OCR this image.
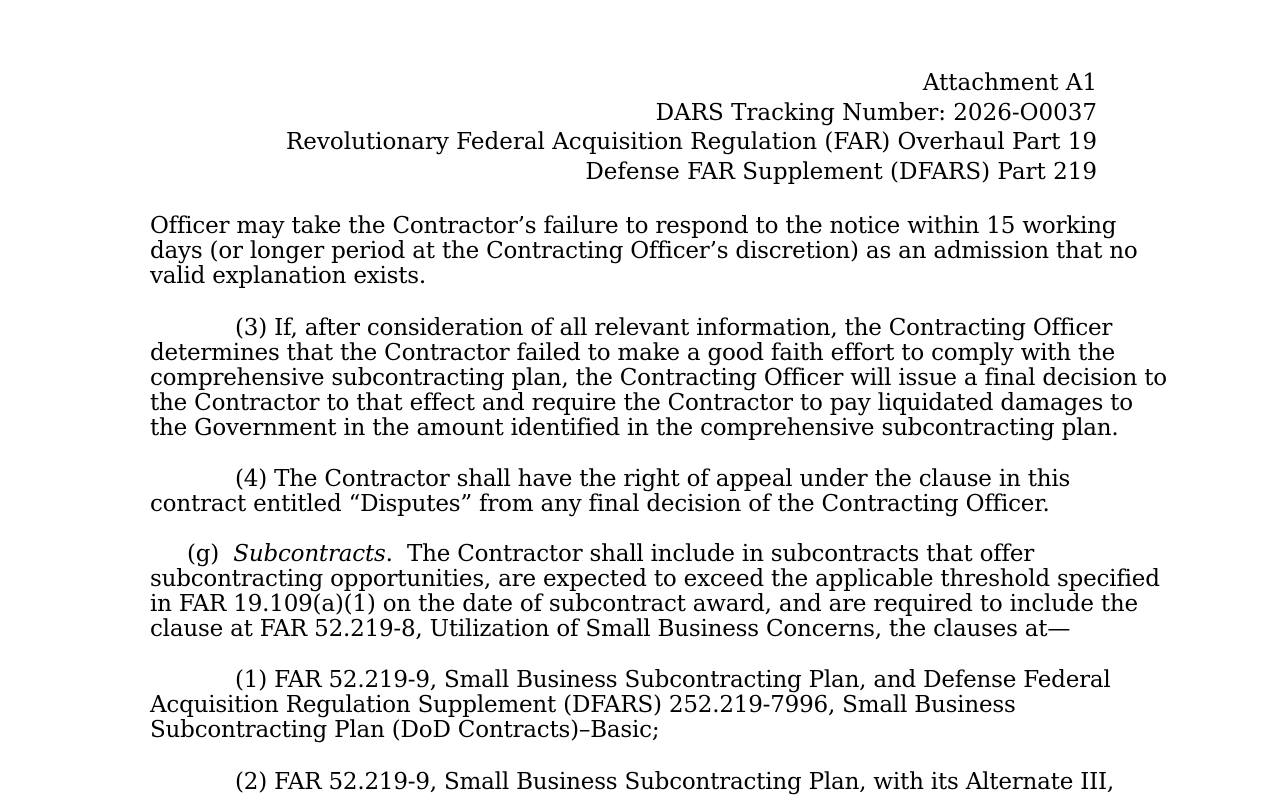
Attachment A1
DARS Tracking Number: 2026-O0037
Revolutionary Federal Acquisition Regulation (FAR) Overhaul Part 19
Defense FAR Supplement (DFARS) Part 219
Officer may take the Contractor’s failure to respond to the notice within 15 working
days (or longer period at the Contracting Officer’s discretion) as an admission that no
valid explanation exists.
(3) If, after consideration of all relevant information, the Contracting Officer
determines that the Contractor failed to make a good faith effort to comply with the
comprehensive subcontracting plan, the Contracting Officer will issue a final decision to
the Contractor to that effect and require the Contractor to pay liquidated damages to
the Government in the amount identified in the comprehensive subcontracting plan.
(4) The Contractor shall have the right of appeal under the clause in this
contract entitled “Disputes” from any final decision of the Contracting Officer.
(g)  Subcontracts.  The Contractor shall include in subcontracts that offer
subcontracting opportunities, are expected to exceed the applicable threshold specified
in FAR 19.109(a)(1) on the date of subcontract award, and are required to include the
clause at FAR 52.219-8, Utilization of Small Business Concerns, the clauses at—
(1) FAR 52.219-9, Small Business Subcontracting Plan, and Defense Federal
Acquisition Regulation Supplement (DFARS) 252.219-7996, Small Business
Subcontracting Plan (DoD Contracts)–Basic;
(2) FAR 52.219-9, Small Business Subcontracting Plan, with its Alternate III,
